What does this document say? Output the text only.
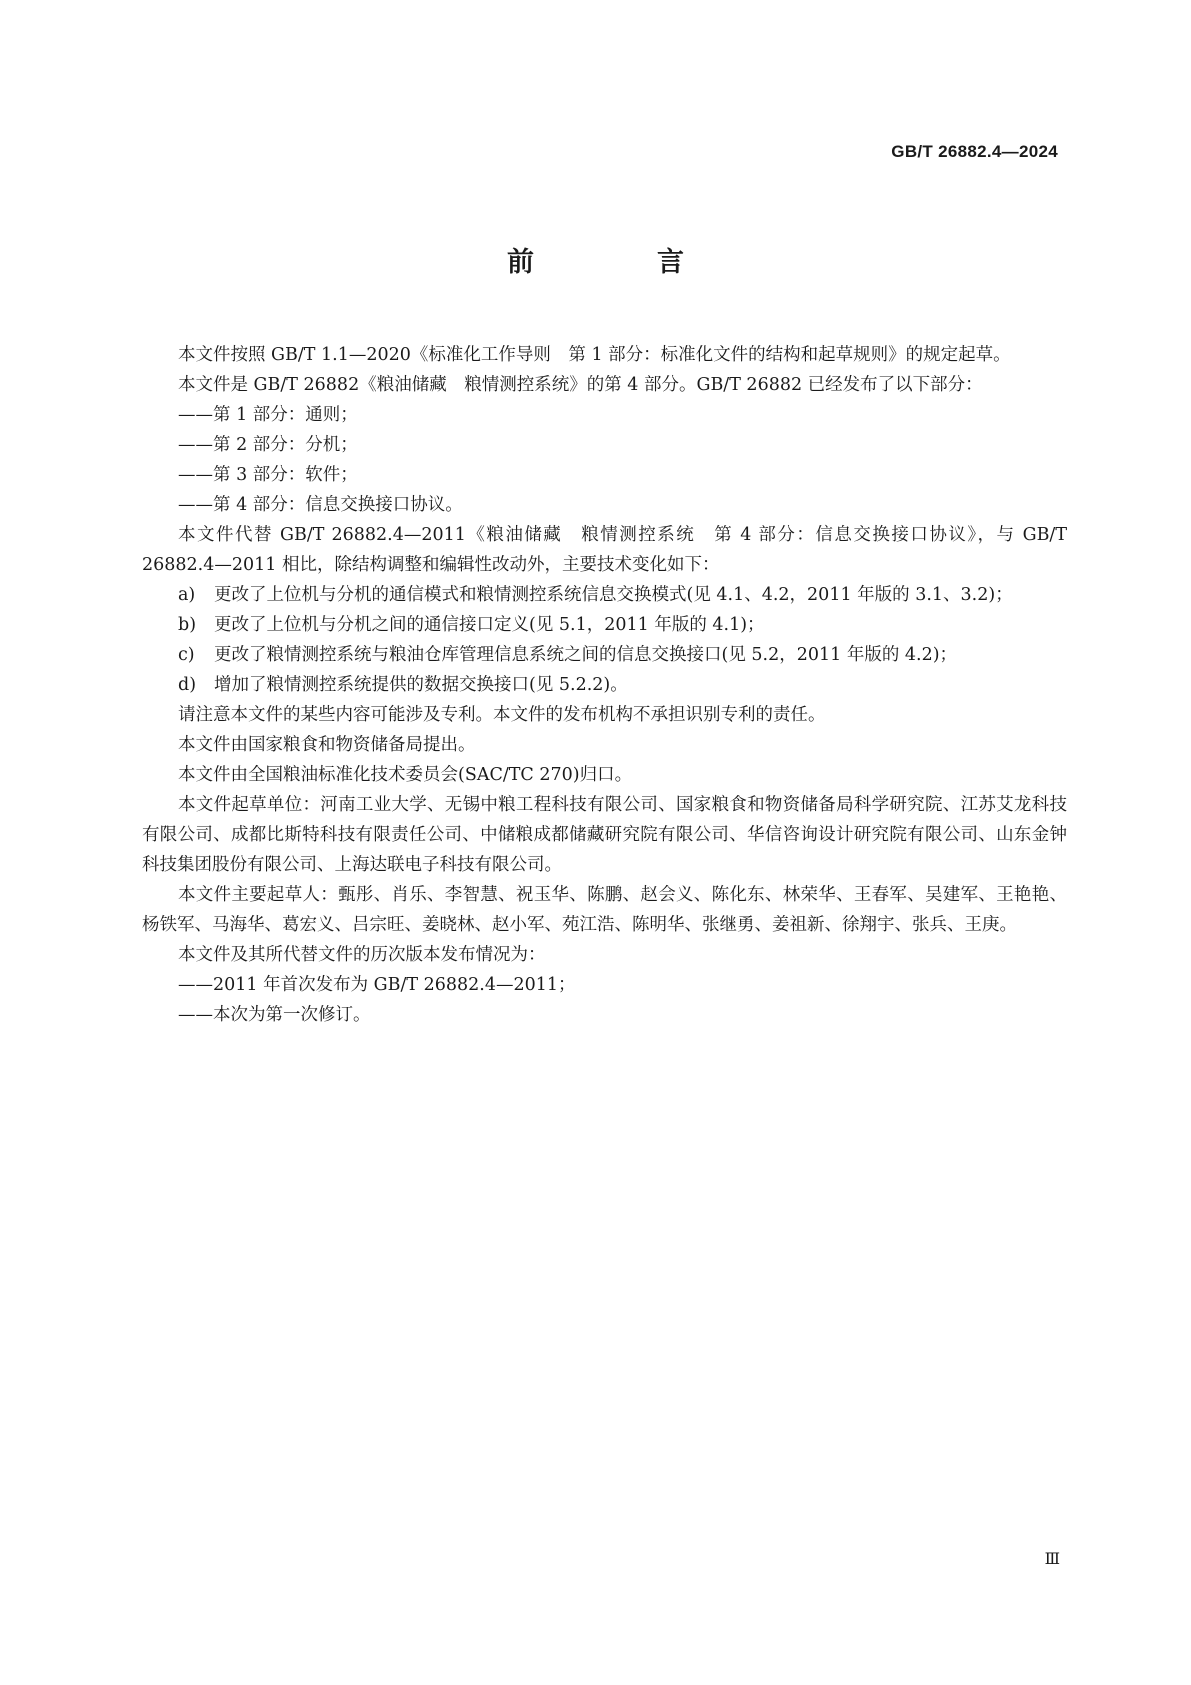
GB/T 26882.4—2024
前　言

本文件按照 GB/T 1.1—2020《标准化工作导则　第 1 部分：标准化文件的结构和起草规则》的规定起草。

本文件是 GB/T 26882《粮油储藏　粮情测控系统》的第 4 部分。GB/T 26882 已经发布了以下部分：

——第 1 部分：通则；

——第 2 部分：分机；

——第 3 部分：软件；

——第 4 部分：信息交换接口协议。

本文件代替 GB/T 26882.4—2011《粮油储藏　粮情测控系统　第 4 部分：信息交换接口协议》，与 GB/T 26882.4—2011 相比，除结构调整和编辑性改动外，主要技术变化如下：

a) 更改了上位机与分机的通信模式和粮情测控系统信息交换模式(见 4.1、4.2，2011 年版的 3.1、3.2)；

b) 更改了上位机与分机之间的通信接口定义(见 5.1，2011 年版的 4.1)；

c) 更改了粮情测控系统与粮油仓库管理信息系统之间的信息交换接口(见 5.2，2011 年版的 4.2)；

d) 增加了粮情测控系统提供的数据交换接口(见 5.2.2)。

请注意本文件的某些内容可能涉及专利。本文件的发布机构不承担识别专利的责任。

本文件由国家粮食和物资储备局提出。

本文件由全国粮油标准化技术委员会(SAC/TC 270)归口。

本文件起草单位：河南工业大学、无锡中粮工程科技有限公司、国家粮食和物资储备局科学研究院、江苏艾龙科技有限公司、成都比斯特科技有限责任公司、中储粮成都储藏研究院有限公司、华信咨询设计研究院有限公司、山东金钟科技集团股份有限公司、上海达联电子科技有限公司。

本文件主要起草人：甄彤、肖乐、李智慧、祝玉华、陈鹏、赵会义、陈化东、林荣华、王春军、吴建军、王艳艳、杨铁军、马海华、葛宏义、吕宗旺、姜晓林、赵小军、苑江浩、陈明华、张继勇、姜祖新、徐翔宇、张兵、王庚。

本文件及其所代替文件的历次版本发布情况为：

——2011 年首次发布为 GB/T 26882.4—2011；

——本次为第一次修订。

Ⅲ
